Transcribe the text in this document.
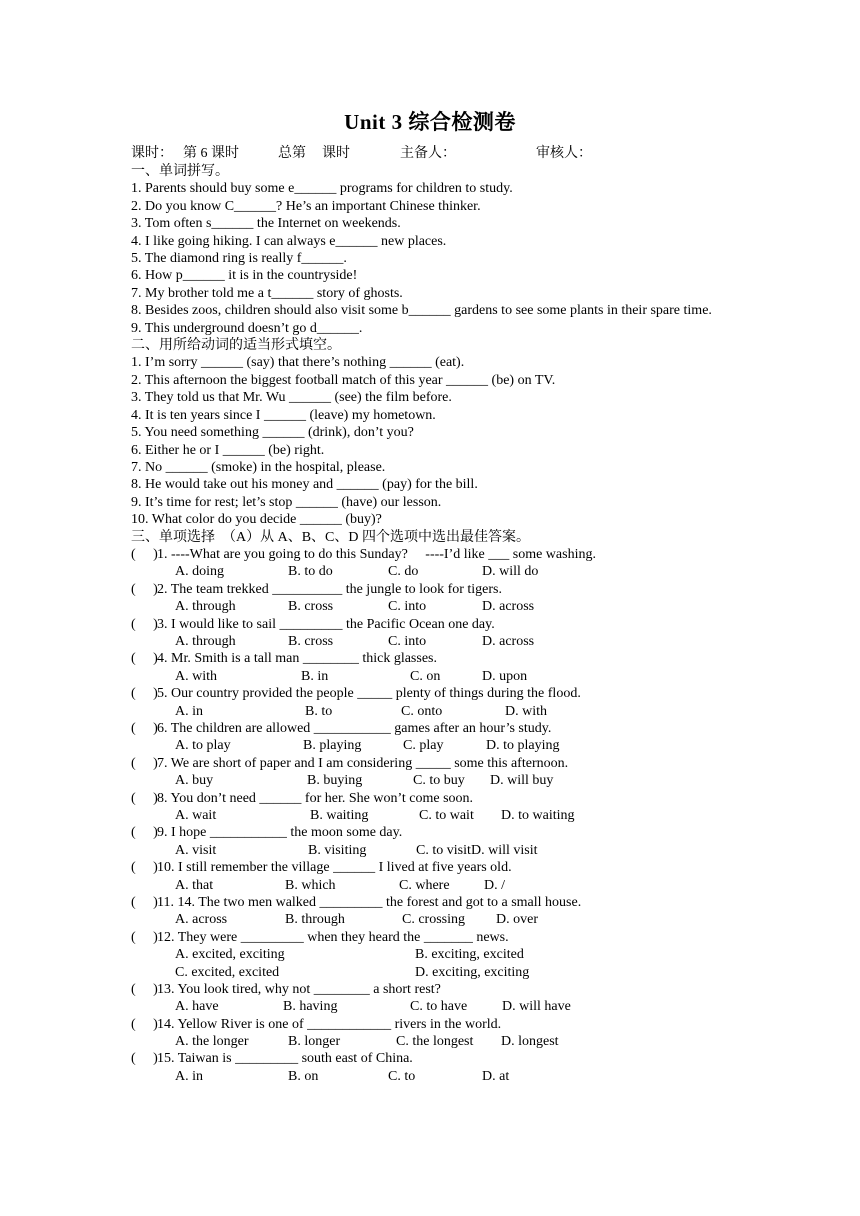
Unit 3 综合检测卷
课时： 第 6 课时	总第 课时	主备人：	审核人：
一、单词拼写。
1. Parents should buy some e______ programs for children to study.
2. Do you know C______? He’s an important Chinese thinker.
3. Tom often s______ the Internet on weekends.
4. I like going hiking. I can always e______ new places.
5. The diamond ring is really f______.
6. How p______ it is in the countryside!
7. My brother told me a t______ story of ghosts.
8. Besides zoos, children should also visit some b______ gardens to see some plants in their spare time.
9. This underground doesn’t go d______.
二、用所给动词的适当形式填空。
1. I’m sorry ______ (say) that there’s nothing ______ (eat).
2. This afternoon the biggest football match of this year ______ (be) on TV.
3. They told us that Mr. Wu ______ (see) the film before.
4. It is ten years since I ______ (leave) my hometown.
5. You need something ______ (drink), don’t you?
6. Either he or I ______ (be) right.
7. No ______ (smoke) in the hospital, please.
8. He would take out his money and ______ (pay) for the bill.
9. It’s time for rest; let’s stop ______ (have) our lesson.
10. What color do you decide ______ (buy)?
三、单项选择　（A）从 A、B、C、D 四个选项中选出最佳答案。
(　 )1. ----What are you going to do this Sunday?　 ----I’d like ___ some washing.
A. doing	B. to do	C. do	D. will do
(　 )2. The team trekked __________ the jungle to look for tigers.
A. through	B. cross	C. into	D. across
(　 )3. I would like to sail _________ the Pacific Ocean one day.
A. through	B. cross	C. into	D. across
(　 )4. Mr. Smith is a tall man ________ thick glasses.
A. with	B. in	C. on	D. upon
(　 )5. Our country provided the people _____ plenty of things during the flood.
A. in	B. to	C. onto	D. with
(　 )6. The children are allowed ___________ games after an hour’s study.
A. to play	B. playing	C. play	D. to playing
(　 )7. We are short of paper and I am considering _____ some this afternoon.
A. buy	B. buying	C. to buy D. will buy
(　 )8. You don’t need ______ for her. She won’t come soon.
A. wait	B. waiting	C. to wait D. to waiting
(　 )9. I hope ___________ the moon some day.
A. visit	B. visiting	C. to visit D. will visit
(　 )10. I still remember the village ______ I lived at five years old.
A. that	B. which	C. where D. /
(　 )11. 14. The two men walked _________ the forest and got to a small house.
A. across	B. through	C. crossing D. over
(　 )12. They were _________ when they heard the _______ news.
A. excited, exciting	B. exciting, excited
C. excited, excited	D. exciting, exciting
(　 )13. You look tired, why not ________ a short rest?
A. have	B. having	C. to have D. will have
(　 )14. Yellow River is one of ____________ rivers in the world.
A. the longer	B. longer	C. the longest D. longest
(　 )15. Taiwan is _________ south east of China.
A. in	B. on	C. to	D. at
